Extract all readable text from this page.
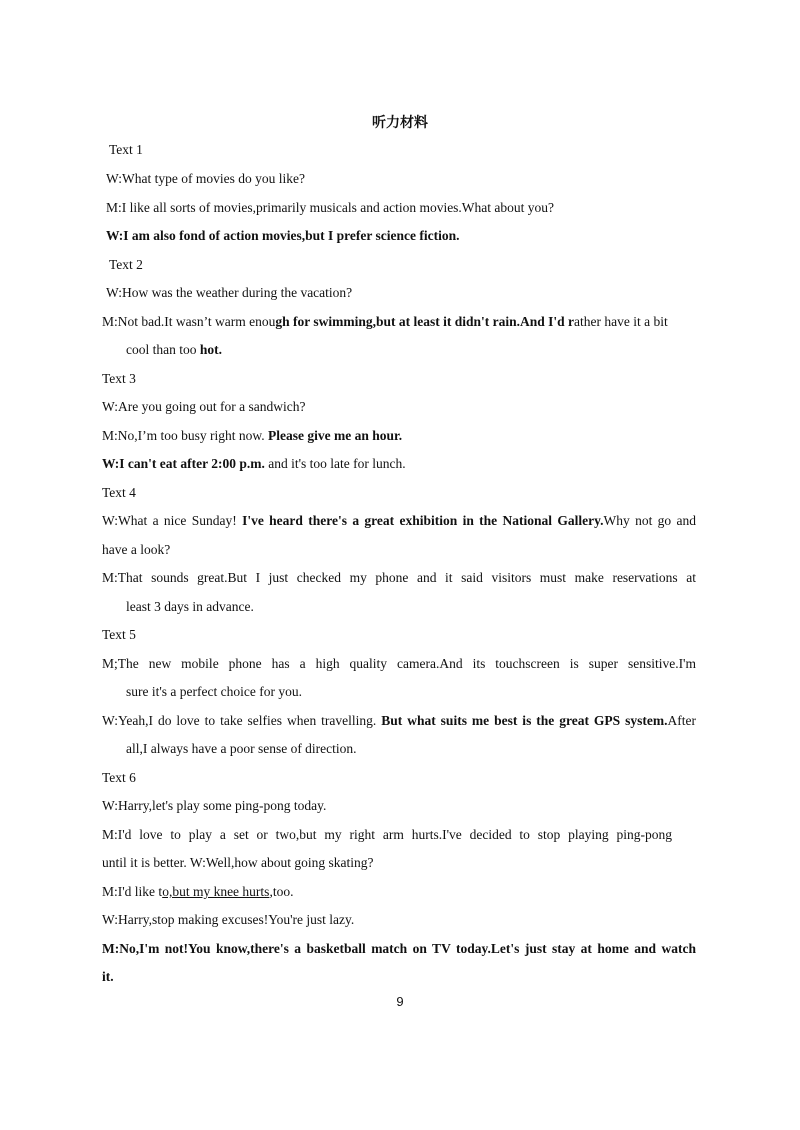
听力材料
Text 1
W:What type of movies do you like?
M:I like all sorts of movies,primarily musicals and action movies.What about you?
W:I am also fond of action movies,but I prefer science fiction.
Text 2
W:How was the weather during the vacation?
M:Not bad.It wasn’t warm enough for swimming,but at least it didn't rain.And I'd rather have it a bit
cool than too hot.
Text 3
W:Are you going out for a sandwich?
M:No,I’m too busy right now. Please give me an hour.
W:I can't eat after 2:00 p.m. and it's too late for lunch.
Text 4
W:What a nice Sunday! I've heard there's a great exhibition in the National Gallery.Why not go and
have a look?
M:That sounds great.But I just checked my phone and it said visitors must make reservations at
least 3 days in advance.
Text 5
M;The new mobile phone has a high quality camera.And its touchscreen is super sensitive.I'm
sure it's a perfect choice for you.
W:Yeah,I do love to take selfies when travelling. But what suits me best is the great GPS system.After
all,I always have a poor sense of direction.
Text 6
W:Harry,let's play some ping-pong today.
M:I'd love to play a set or two,but my right arm hurts.I've decided to stop playing ping-pong
until it is better. W:Well,how about going skating?
M:I'd like to,but my knee hurts,too.
W:Harry,stop making excuses!You're just lazy.
M:No,I'm not!You know,there's a basketball match on TV today.Let's just stay at home and watch
it.
9
